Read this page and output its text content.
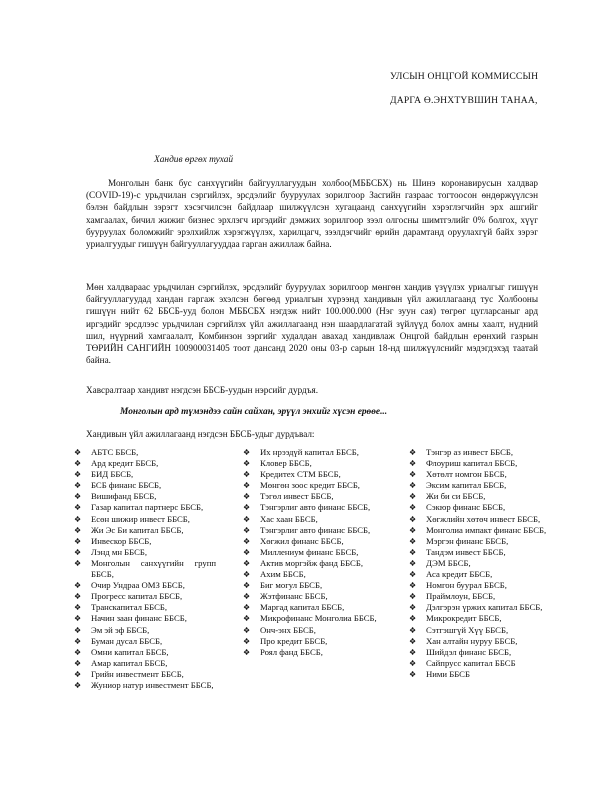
УЛСЫН ОНЦГОЙ КОММИССЫН
ДАРГА Ө.ЭНХТҮВШИН ТАНАА,
Хандив өргөх тухай

Монголын банк бус санхүүгийн байгууллагуудын холбоо(МББСБХ) нь Шинэ коронавирусын халдвар (COVID-19)-с урьдчилан сэргийлэх, эрсдэлийг бууруулах зорилгоор Засгийн газраас тогтоосон өндөржүүлсэн бэлэн байдлын зэрэгт хэсэгчилсэн байдлаар шилжүүлсэн хугацаанд санхүүгийн хэрэглэгчийн эрх ашгийг хамгаалах, бичил жижиг бизнес эрхлэгч иргэдийг дэмжих зорилгоор зээл олгосны шимтгэлийг 0% болгох, хүүг бууруулах боломжийг эрэлхийлж хэрэгжүүлэх, харилцагч, зээлдэгчийг өрийн дарамтанд оруулахгүй байх зэрэг уриалгуудыг гишүүн байгууллагууддаа гарган ажиллаж байна.

Мөн халдвараас урьдчилан сэргийлэх, эрсдэлийг бууруулах зорилгоор мөнгөн хандив үзүүлэх уриалгыг гишүүн байгууллагуудад хандан гаргаж эхэлсэн бөгөөд уриалгын хүрээнд хандивын үйл ажиллагаанд тус Холбооны гишүүн нийт 62 ББСБ-ууд болон МББСБХ нэгдэж нийт 100.000.000 (Нэг зуун сая) төгрөг цугларсаныг ард иргэдийг эрсдлээс урьдчилан сэргийлэх үйл ажиллагаанд нэн шаардлагатай зүйлүүд болох амны хаалт, нүдний шил, нүүрний хамгаалалт, Комбинзон зэргийг худалдан аваxад хандивлаж Онцгой байдлын ерөнхий газрын ТӨРИЙН САНГИЙН 100900031405 тоот дансанд 2020 оны 03-р сарын 18-нд шилжүүлснийг мэдэгдэхэд таатай байна.

Хавсралтаар хандивт нэгдсэн ББСБ-уудын нэрсийг дурдъя.

Монголын ард түмэндээ сайн сайхан, эрүүл энхийг хүсэн ерөөе...
Хандивын үйл ажиллагаанд нэгдсэн ББСБ-удыг дурдъвал:
❖ АБТС ББСБ,
❖ Ард кредит ББСБ,
❖ БИД ББСБ,
❖ БСБ финанс ББСБ,
❖ Вишифанд ББСБ,
❖ Газар капитал партнерс ББСБ,
❖ Есөн шижир инвест ББСБ,
❖ Жи Эс Би капитал ББСБ,
❖ Инвескор ББСБ,
❖ Лэнд мн ББСБ,
❖ Монголын санхүүгийн групп ББСБ,
❖ Очир Ундраа ОМЗ ББСБ,
❖ Прогресс капитал ББСБ,
❖ Транскапитал ББСБ,
❖ Начин заан финанс ББСБ,
❖ Эм эй эф ББСБ,
❖ Буман дусал ББСБ,
❖ Омни капитал ББСБ,
❖ Амар капитал ББСБ,
❖ Грийн инвестмент ББСБ,
❖ Жуниор натур инвестмент ББСБ,
❖ Их нрээдүй капитал ББСБ,
❖ Кловер ББСБ,
❖ Кредитех СТМ ББСБ,
❖ Мөнгөн зоос кредит ББСБ,
❖ Тэгөл инвест ББСБ,
❖ Тэнгэрлиг авто финанс ББСБ,
❖ Хас хаан ББСБ,
❖ Тэнгэрлиг авто финанс ББСБ,
❖ Хөгжил финанс ББСБ,
❖ Миллениум финанс ББСБ,
❖ Актив моргэйж фанд ББСБ,
❖ Ахим ББСБ,
❖ Биг могул ББСБ,
❖ Жэтфинанс ББСБ,
❖ Маргад капитал ББСБ,
❖ Микрофинанс Монголиа ББСБ,
❖ Онч-энх ББСБ,
❖ Про кредит ББСБ,
❖ Роял фанд ББСБ,
❖ Тэнгэр аз инвест ББСБ,
❖ Флоуриш капитал ББСБ,
❖ Хөтөлт номгон ББСБ,
❖ Эксим капитал ББСБ,
❖ Жи би си ББСБ,
❖ Сэкюр финанс ББСБ,
❖ Хөгжлийн хөтөч инвест ББСБ,
❖ Монголиа импакт финанс ББСБ,
❖ Мэргэн финанс ББСБ,
❖ Тандэм инвест ББСБ,
❖ ДЭМ ББСБ,
❖ Аса кредит ББСБ,
❖ Номгон буурал ББСБ,
❖ Праймлоун, ББСБ,
❖ Дэлгэрэн үржих капитал ББСБ,
❖ Микрокредит ББСБ,
❖ Сэтгэшгүй Хүү ББСБ,
❖ Хан алтайн нуруу ББСБ,
❖ Шийдэл финанс ББСБ,
❖ Сайпрусс капитал ББСБ
❖ Ними ББСБ
